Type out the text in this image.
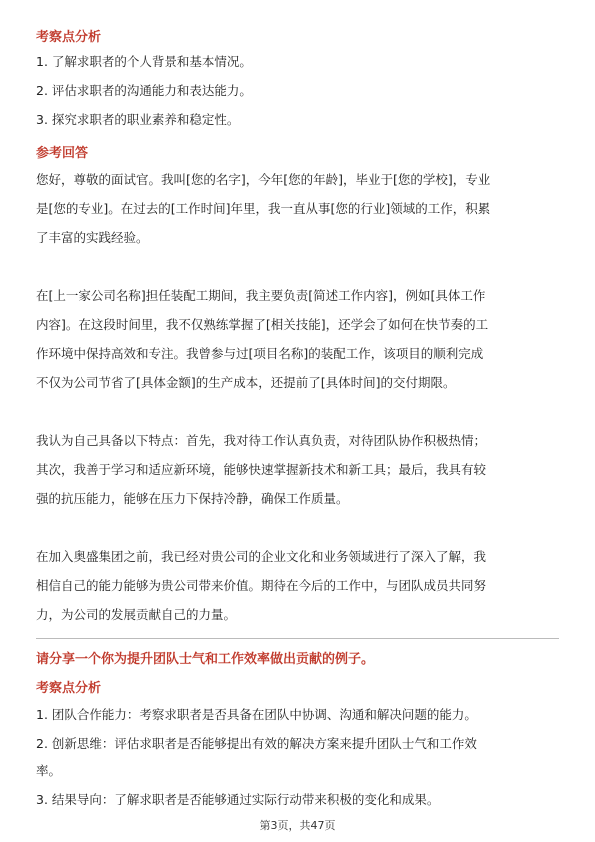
考察点分析
1. 了解求职者的个人背景和基本情况。
2. 评估求职者的沟通能力和表达能力。
3. 探究求职者的职业素养和稳定性。
参考回答
您好，尊敬的面试官。我叫[您的名字]，今年[您的年龄]，毕业于[您的学校]，专业
是[您的专业]。在过去的[工作时间]年里，我一直从事[您的行业]领域的工作，积累
了丰富的实践经验。
在[上一家公司名称]担任装配工期间，我主要负责[简述工作内容]，例如[具体工作
内容]。在这段时间里，我不仅熟练掌握了[相关技能]，还学会了如何在快节奏的工
作环境中保持高效和专注。我曾参与过[项目名称]的装配工作，该项目的顺利完成
不仅为公司节省了[具体金额]的生产成本，还提前了[具体时间]的交付期限。
我认为自己具备以下特点：首先，我对待工作认真负责，对待团队协作积极热情；
其次，我善于学习和适应新环境，能够快速掌握新技术和新工具；最后，我具有较
强的抗压能力，能够在压力下保持冷静，确保工作质量。
在加入奥盛集团之前，我已经对贵公司的企业文化和业务领域进行了深入了解，我
相信自己的能力能够为贵公司带来价值。期待在今后的工作中，与团队成员共同努
力，为公司的发展贡献自己的力量。
请分享一个你为提升团队士气和工作效率做出贡献的例子。
考察点分析
1. 团队合作能力：考察求职者是否具备在团队中协调、沟通和解决问题的能力。
2. 创新思维：评估求职者是否能够提出有效的解决方案来提升团队士气和工作效
率。
3. 结果导向：了解求职者是否能够通过实际行动带来积极的变化和成果。
第3页，共47页
